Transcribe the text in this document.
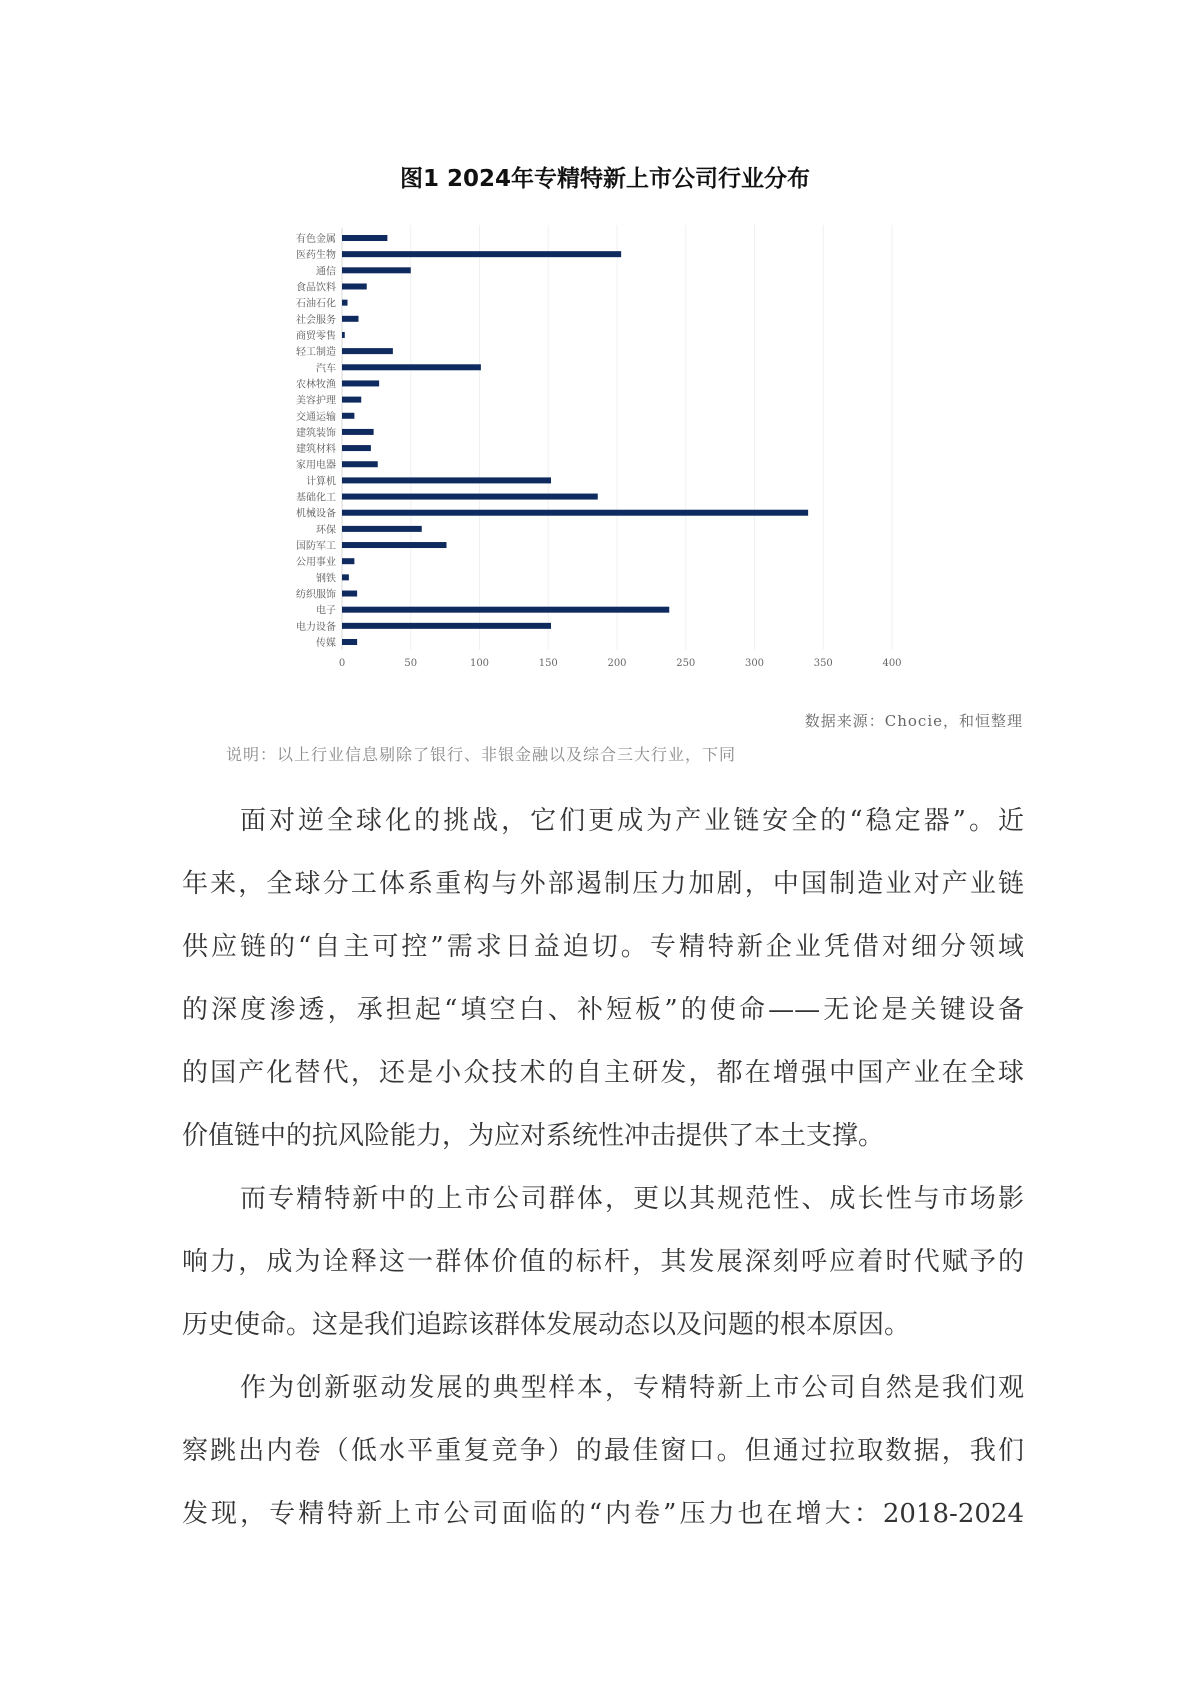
图1 2024年专精特新上市公司行业分布
0	50	100	150	200	250	300	350	400
有色金属
医药生物
通信
食品饮料
石油石化
社会服务
商贸零售
轻工制造
汽车
农林牧渔
美容护理
交通运输
建筑装饰
建筑材料
家用电器
计算机
基础化工
机械设备
环保
国防军工
公用事业
钢铁
纺织服饰
电子
电力设备
传媒
数据来源：Chocie，和恒整理
说明：以上行业信息剔除了银行、非银金融以及综合三大行业，下同
面对逆全球化的挑战，它们更成为产业链安全的“稳定器”。近
年来，全球分工体系重构与外部遏制压力加剧，中国制造业对产业链
供应链的“自主可控”需求日益迫切。专精特新企业凭借对细分领域
的深度渗透，承担起“填空白、补短板”的使命——无论是关键设备
的国产化替代，还是小众技术的自主研发，都在增强中国产业在全球
价值链中的抗风险能力，为应对系统性冲击提供了本土支撑。
而专精特新中的上市公司群体，更以其规范性、成长性与市场影
响力，成为诠释这一群体价值的标杆，其发展深刻呼应着时代赋予的
历史使命。这是我们追踪该群体发展动态以及问题的根本原因。
作为创新驱动发展的典型样本，专精特新上市公司自然是我们观
察跳出内卷（低水平重复竞争）的最佳窗口。但通过拉取数据，我们
发现，专精特新上市公司面临的“内卷”压力也在增大：2018-2024
